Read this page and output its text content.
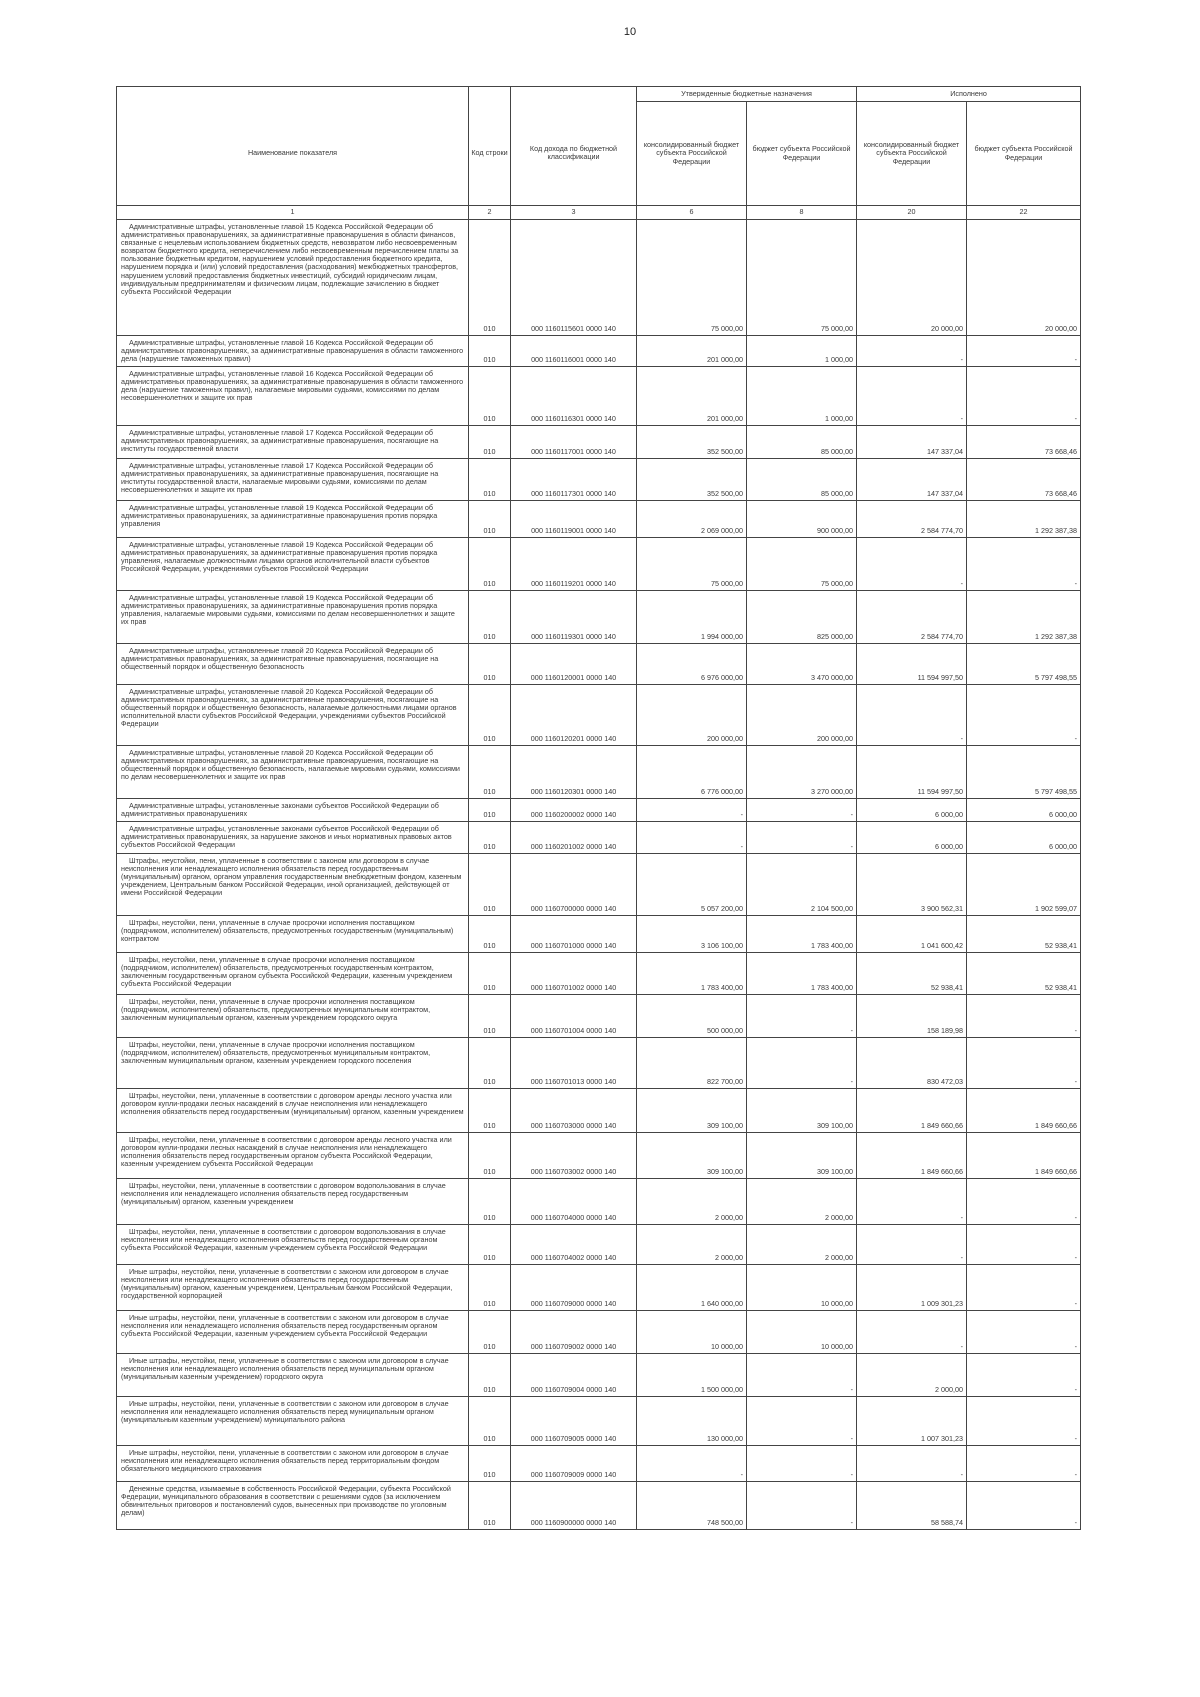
10
			Утвержденные бюджетные назначения		Исполнено	
Наименование показателя	Код строки	Код дохода по бюджетной классификации	консолидированный бюджет субъекта Российской Федерации	бюджет субъекта Российской Федерации	консолидированный бюджет субъекта Российской Федерации	бюджет субъекта Российской Федерации
1	2	3	6	8	20	22
Административные штрафы, установленные главой 15 Кодекса Российской Федерации об административных правонарушениях, за административные правонарушения в области финансов, связанные с нецелевым использованием бюджетных средств, невозвратом либо несвоевременным возвратом бюджетного кредита, неперечислением либо несвоевременным перечислением платы за пользование бюджетным кредитом, нарушением условий предоставления бюджетного кредита, нарушением порядка и (или) условий предоставления (расходования) межбюджетных трансфертов, нарушением условий предоставления бюджетных инвестиций, субсидий юридическим лицам, индивидуальным предпринимателям и физическим лицам, подлежащие зачислению в бюджет субъекта Российской Федерации	010	000 1160115601 0000 140	75 000,00	75 000,00	20 000,00	20 000,00
Административные штрафы, установленные главой 16 Кодекса Российской Федерации об административных правонарушениях, за административные правонарушения в области таможенного дела (нарушение таможенных правил)	010	000 1160116001 0000 140	201 000,00	1 000,00	-	-
Административные штрафы, установленные главой 16 Кодекса Российской Федерации об административных правонарушениях, за административные правонарушения в области таможенного дела (нарушение таможенных правил), налагаемые мировыми судьями, комиссиями по делам несовершеннолетних и защите их прав	010	000 1160116301 0000 140	201 000,00	1 000,00	-	-
Административные штрафы, установленные главой 17 Кодекса Российской Федерации об административных правонарушениях, за административные правонарушения, посягающие на институты государственной власти	010	000 1160117001 0000 140	352 500,00	85 000,00	147 337,04	73 668,46
Административные штрафы, установленные главой 17 Кодекса Российской Федерации об административных правонарушениях, за административные правонарушения, посягающие на институты государственной власти, налагаемые мировыми судьями, комиссиями по делам несовершеннолетних и защите их прав	010	000 1160117301 0000 140	352 500,00	85 000,00	147 337,04	73 668,46
Административные штрафы, установленные главой 19 Кодекса Российской Федерации об административных правонарушениях, за административные правонарушения против порядка управления	010	000 1160119001 0000 140	2 069 000,00	900 000,00	2 584 774,70	1 292 387,38
Административные штрафы, установленные главой 19 Кодекса Российской Федерации об административных правонарушениях, за административные правонарушения против порядка управления, налагаемые должностными лицами органов исполнительной власти субъектов Российской Федерации, учреждениями субъектов Российской Федерации	010	000 1160119201 0000 140	75 000,00	75 000,00	-	-
Административные штрафы, установленные главой 19 Кодекса Российской Федерации об административных правонарушениях, за административные правонарушения против порядка управления, налагаемые мировыми судьями, комиссиями по делам несовершеннолетних и защите их прав	010	000 1160119301 0000 140	1 994 000,00	825 000,00	2 584 774,70	1 292 387,38
Административные штрафы, установленные главой 20 Кодекса Российской Федерации об административных правонарушениях, за административные правонарушения, посягающие на общественный порядок и общественную безопасность	010	000 1160120001 0000 140	6 976 000,00	3 470 000,00	11 594 997,50	5 797 498,55
Административные штрафы, установленные главой 20 Кодекса Российской Федерации об административных правонарушениях, за административные правонарушения, посягающие на общественный порядок и общественную безопасность, налагаемые должностными лицами органов исполнительной власти субъектов Российской Федерации, учреждениями субъектов Российской Федерации	010	000 1160120201 0000 140	200 000,00	200 000,00	-	-
Административные штрафы, установленные главой 20 Кодекса Российской Федерации об административных правонарушениях, за административные правонарушения, посягающие на общественный порядок и общественную безопасность, налагаемые мировыми судьями, комиссиями по делам несовершеннолетних и защите их прав	010	000 1160120301 0000 140	6 776 000,00	3 270 000,00	11 594 997,50	5 797 498,55
Административные штрафы, установленные законами субъектов Российской Федерации об административных правонарушениях	010	000 1160200002 0000 140	-	-	6 000,00	6 000,00
Административные штрафы, установленные законами субъектов Российской Федерации об административных правонарушениях, за нарушение законов и иных нормативных правовых актов субъектов Российской Федерации	010	000 1160201002 0000 140	-	-	6 000,00	6 000,00
Штрафы, неустойки, пени, уплаченные в соответствии с законом или договором в случае неисполнения или ненадлежащего исполнения обязательств перед государственным (муниципальным) органом, органом управления государственным внебюджетным фондом, казенным учреждением, Центральным банком Российской Федерации, иной организацией, действующей от имени Российской Федерации	010	000 1160700000 0000 140	5 057 200,00	2 104 500,00	3 900 562,31	1 902 599,07
Штрафы, неустойки, пени, уплаченные в случае просрочки исполнения поставщиком (подрядчиком, исполнителем) обязательств, предусмотренных государственным (муниципальным) контрактом	010	000 1160701000 0000 140	3 106 100,00	1 783 400,00	1 041 600,42	52 938,41
Штрафы, неустойки, пени, уплаченные в случае просрочки исполнения поставщиком (подрядчиком, исполнителем) обязательств, предусмотренных государственным контрактом, заключенным государственным органом субъекта Российской Федерации, казенным учреждением субъекта Российской Федерации	010	000 1160701002 0000 140	1 783 400,00	1 783 400,00	52 938,41	52 938,41
Штрафы, неустойки, пени, уплаченные в случае просрочки исполнения поставщиком (подрядчиком, исполнителем) обязательств, предусмотренных муниципальным контрактом, заключенным муниципальным органом, казенным учреждением городского округа	010	000 1160701004 0000 140	500 000,00	-	158 189,98	-
Штрафы, неустойки, пени, уплаченные в случае просрочки исполнения поставщиком (подрядчиком, исполнителем) обязательств, предусмотренных муниципальным контрактом, заключенным муниципальным органом, казенным учреждением городского поселения	010	000 1160701013 0000 140	822 700,00	-	830 472,03	-
Штрафы, неустойки, пени, уплаченные в соответствии с договором аренды лесного участка или договором купли-продажи лесных насаждений в случае неисполнения или ненадлежащего исполнения обязательств перед государственным (муниципальным) органом, казенным учреждением	010	000 1160703000 0000 140	309 100,00	309 100,00	1 849 660,66	1 849 660,66
Штрафы, неустойки, пени, уплаченные в соответствии с договором аренды лесного участка или договором купли-продажи лесных насаждений в случае неисполнения или ненадлежащего исполнения обязательств перед государственным органом субъекта Российской Федерации, казенным учреждением субъекта Российской Федерации	010	000 1160703002 0000 140	309 100,00	309 100,00	1 849 660,66	1 849 660,66
Штрафы, неустойки, пени, уплаченные в соответствии с договором водопользования в случае неисполнения или ненадлежащего исполнения обязательств перед государственным (муниципальным) органом, казенным учреждением	010	000 1160704000 0000 140	2 000,00	2 000,00	-	-
Штрафы, неустойки, пени, уплаченные в соответствии с договором водопользования в случае неисполнения или ненадлежащего исполнения обязательств перед государственным органом субъекта Российской Федерации, казенным учреждением субъекта Российской Федерации	010	000 1160704002 0000 140	2 000,00	2 000,00	-	-
Иные штрафы, неустойки, пени, уплаченные в соответствии с законом или договором в случае неисполнения или ненадлежащего исполнения обязательств перед государственным (муниципальным) органом, казенным учреждением, Центральным банком Российской Федерации, государственной корпорацией	010	000 1160709000 0000 140	1 640 000,00	10 000,00	1 009 301,23	-
Иные штрафы, неустойки, пени, уплаченные в соответствии с законом или договором в случае неисполнения или ненадлежащего исполнения обязательств перед государственным органом субъекта Российской Федерации, казенным учреждением субъекта Российской Федерации	010	000 1160709002 0000 140	10 000,00	10 000,00	-	-
Иные штрафы, неустойки, пени, уплаченные в соответствии с законом или договором в случае неисполнения или ненадлежащего исполнения обязательств перед муниципальным органом (муниципальным казенным учреждением) городского округа	010	000 1160709004 0000 140	1 500 000,00	-	2 000,00	-
Иные штрафы, неустойки, пени, уплаченные в соответствии с законом или договором в случае неисполнения или ненадлежащего исполнения обязательств перед муниципальным органом (муниципальным казенным учреждением) муниципального района	010	000 1160709005 0000 140	130 000,00	-	1 007 301,23	-
Иные штрафы, неустойки, пени, уплаченные в соответствии с законом или договором в случае неисполнения или ненадлежащего исполнения обязательств перед территориальным фондом обязательного медицинского страхования	010	000 1160709009 0000 140	-	-	-	-
Денежные средства, изымаемые в собственность Российской Федерации, субъекта Российской Федерации, муниципального образования в соответствии с решениями судов (за исключением обвинительных приговоров и постановлений судов, вынесенных при производстве по уголовным делам)	010	000 1160900000 0000 140	748 500,00	-	58 588,74	-
